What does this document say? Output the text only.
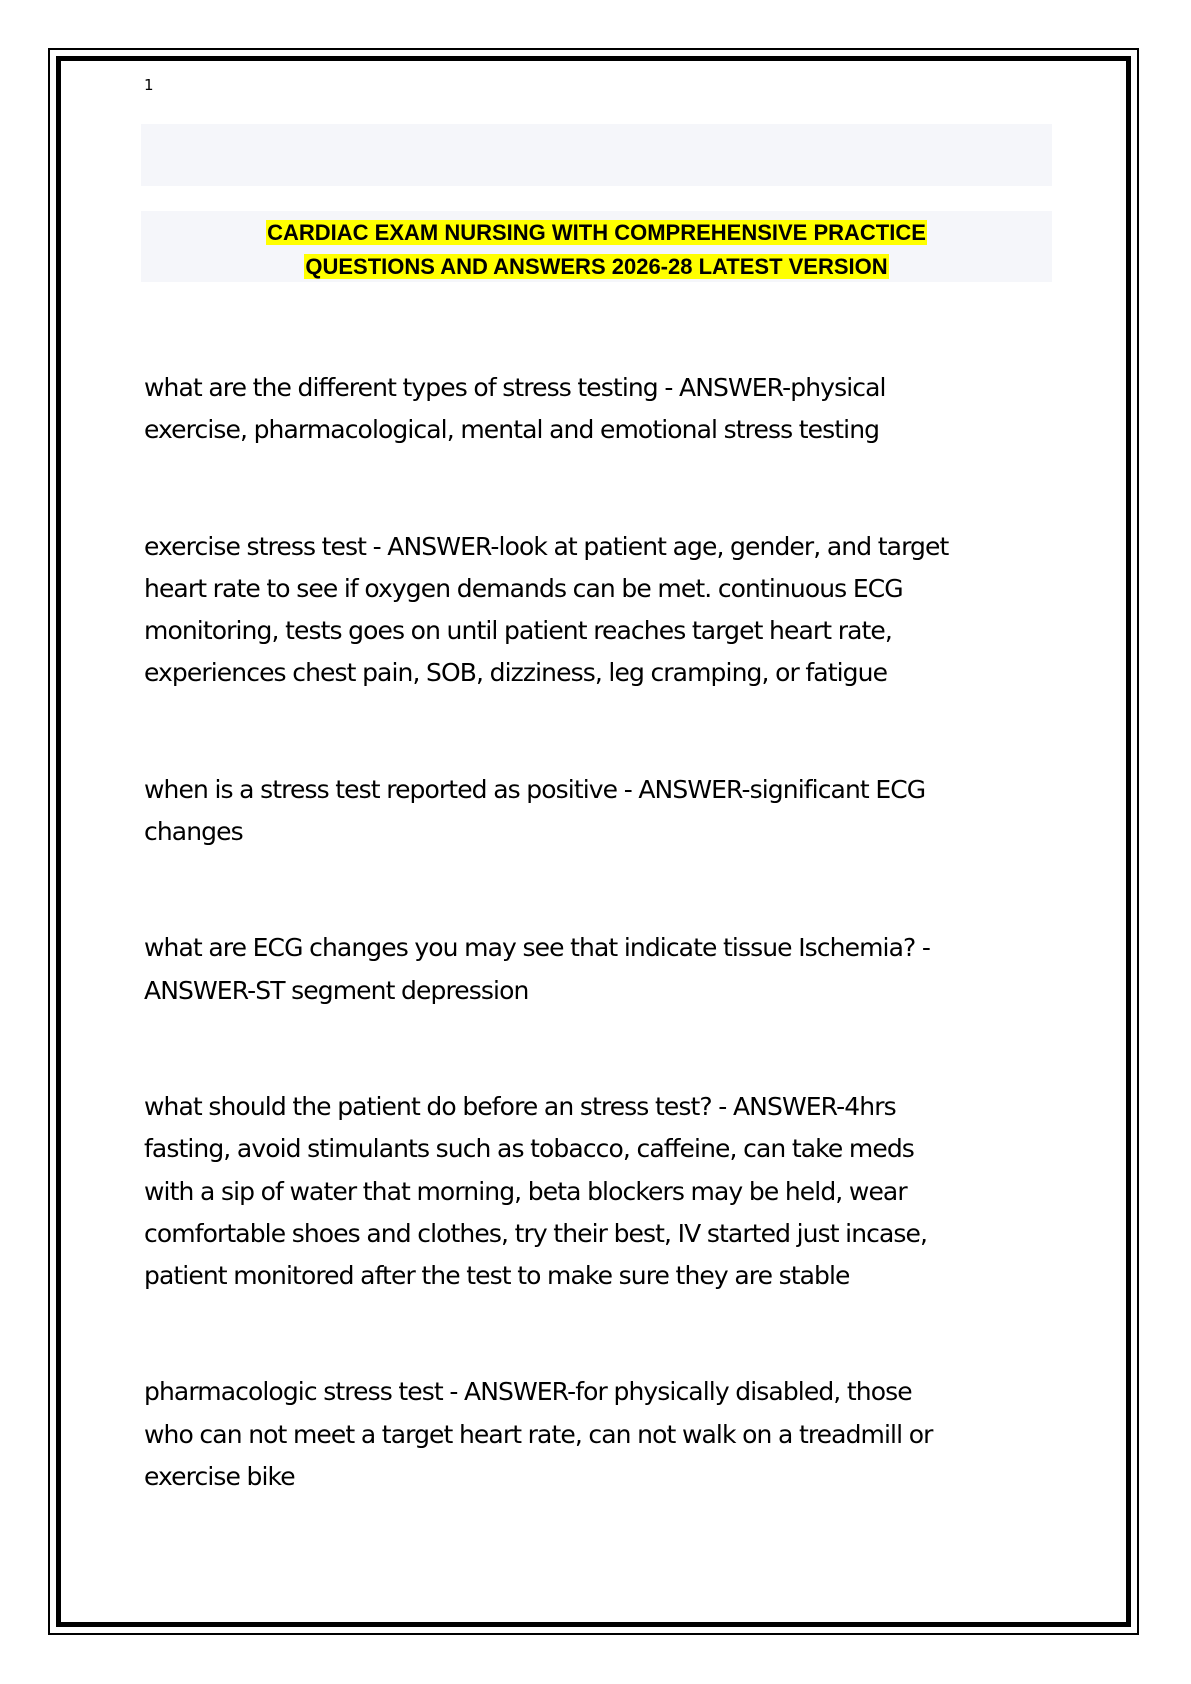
1
CARDIAC EXAM NURSING WITH COMPREHENSIVE PRACTICE
QUESTIONS AND ANSWERS 2026-28 LATEST VERSION

what are the different types of stress testing - ANSWER-physical
exercise, pharmacological, mental and emotional stress testing

exercise stress test - ANSWER-look at patient age, gender, and target
heart rate to see if oxygen demands can be met. continuous ECG
monitoring, tests goes on until patient reaches target heart rate,
experiences chest pain, SOB, dizziness, leg cramping, or fatigue

when is a stress test reported as positive - ANSWER-significant ECG
changes

what are ECG changes you may see that indicate tissue Ischemia? -
ANSWER-ST segment depression

what should the patient do before an stress test? - ANSWER-4hrs
fasting, avoid stimulants such as tobacco, caffeine, can take meds
with a sip of water that morning, beta blockers may be held, wear
comfortable shoes and clothes, try their best, IV started just incase,
patient monitored after the test to make sure they are stable

pharmacologic stress test - ANSWER-for physically disabled, those
who can not meet a target heart rate, can not walk on a treadmill or
exercise bike
